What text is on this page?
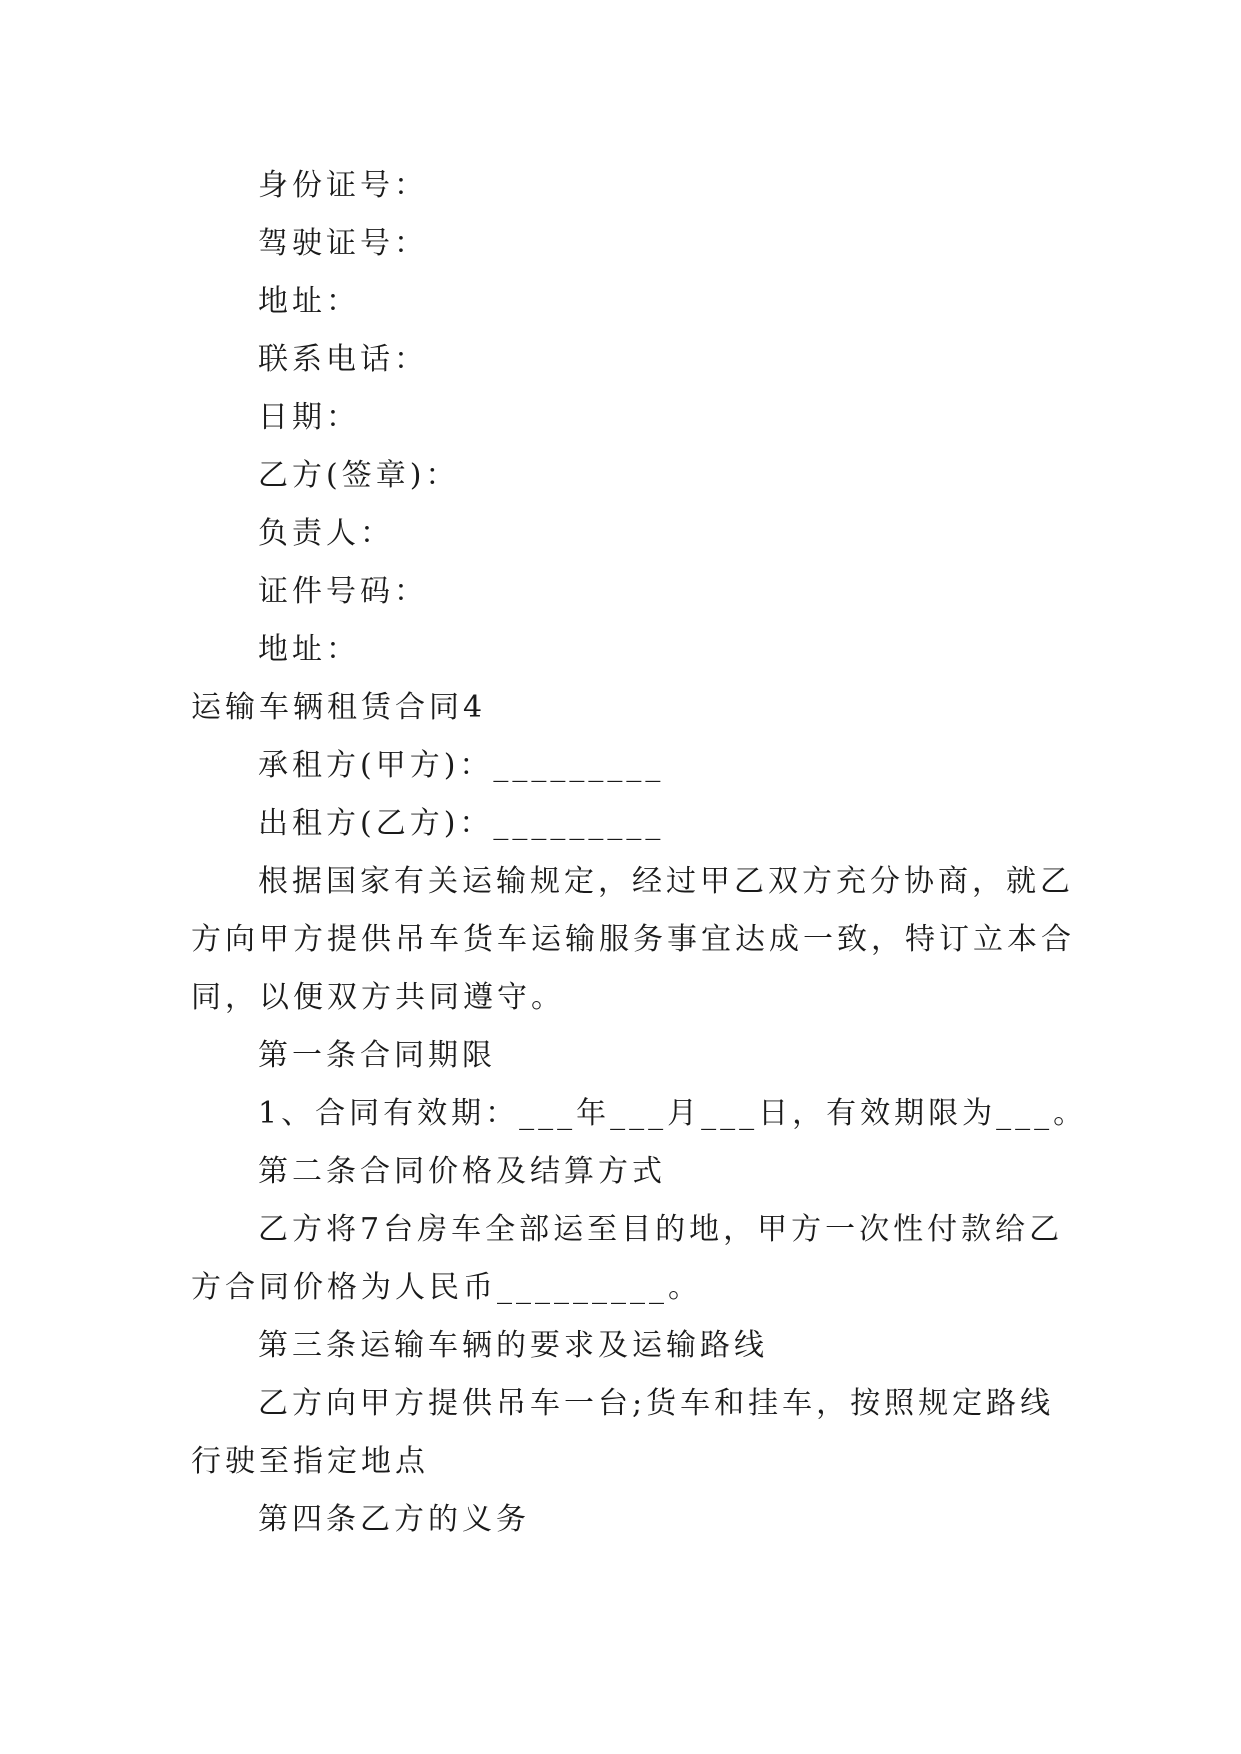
身份证号：
驾驶证号：
地址：
联系电话：
日期：
乙方(签章)：
负责人：
证件号码：
地址：
运输车辆租赁合同4
承租方(甲方)：_________
出租方(乙方)：_________
根据国家有关运输规定，经过甲乙双方充分协商，就乙
方向甲方提供吊车货车运输服务事宜达成一致，特订立本合
同，以便双方共同遵守。
第一条合同期限
1、合同有效期：___年___月___日，有效期限为___。
第二条合同价格及结算方式
乙方将7台房车全部运至目的地，甲方一次性付款给乙
方合同价格为人民币_________。
第三条运输车辆的要求及运输路线
乙方向甲方提供吊车一台;货车和挂车，按照规定路线
行驶至指定地点
第四条乙方的义务
